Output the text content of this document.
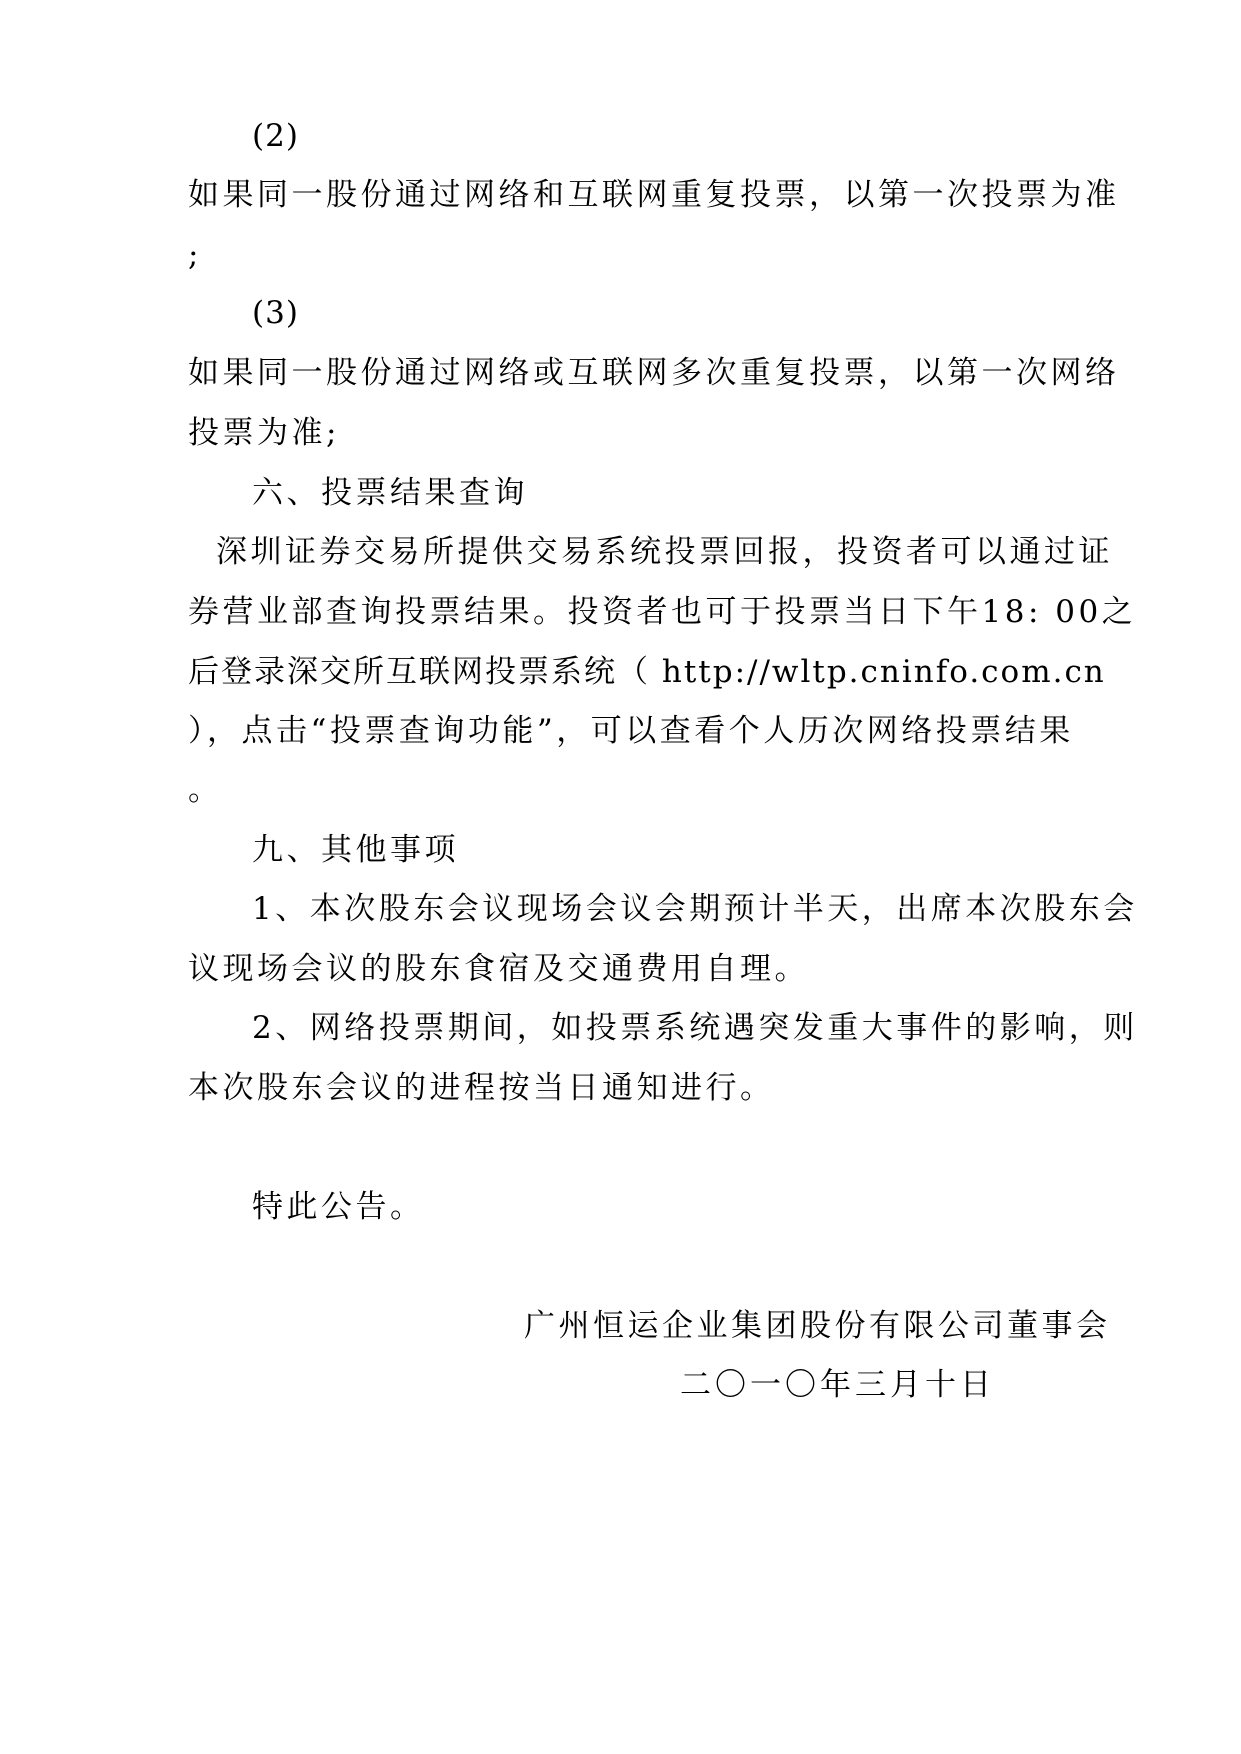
(2)
如果同一股份通过网络和互联网重复投票，以第一次投票为准
;
(3)
如果同一股份通过网络或互联网多次重复投票，以第一次网络
投票为准;
六、投票结果查询
深圳证券交易所提供交易系统投票回报，投资者可以通过证
券营业部查询投票结果。投资者也可于投票当日下午18: 00之
后登录深交所互联网投票系统（ http://wltp.cninfo.com.cn
），点击“投票查询功能”，可以查看个人历次网络投票结果
。
九、其他事项
1、本次股东会议现场会议会期预计半天，出席本次股东会
议现场会议的股东食宿及交通费用自理。
2、网络投票期间，如投票系统遇突发重大事件的影响，则
本次股东会议的进程按当日通知进行。
特此公告。
广州恒运企业集团股份有限公司董事会
二〇一〇年三月十日
